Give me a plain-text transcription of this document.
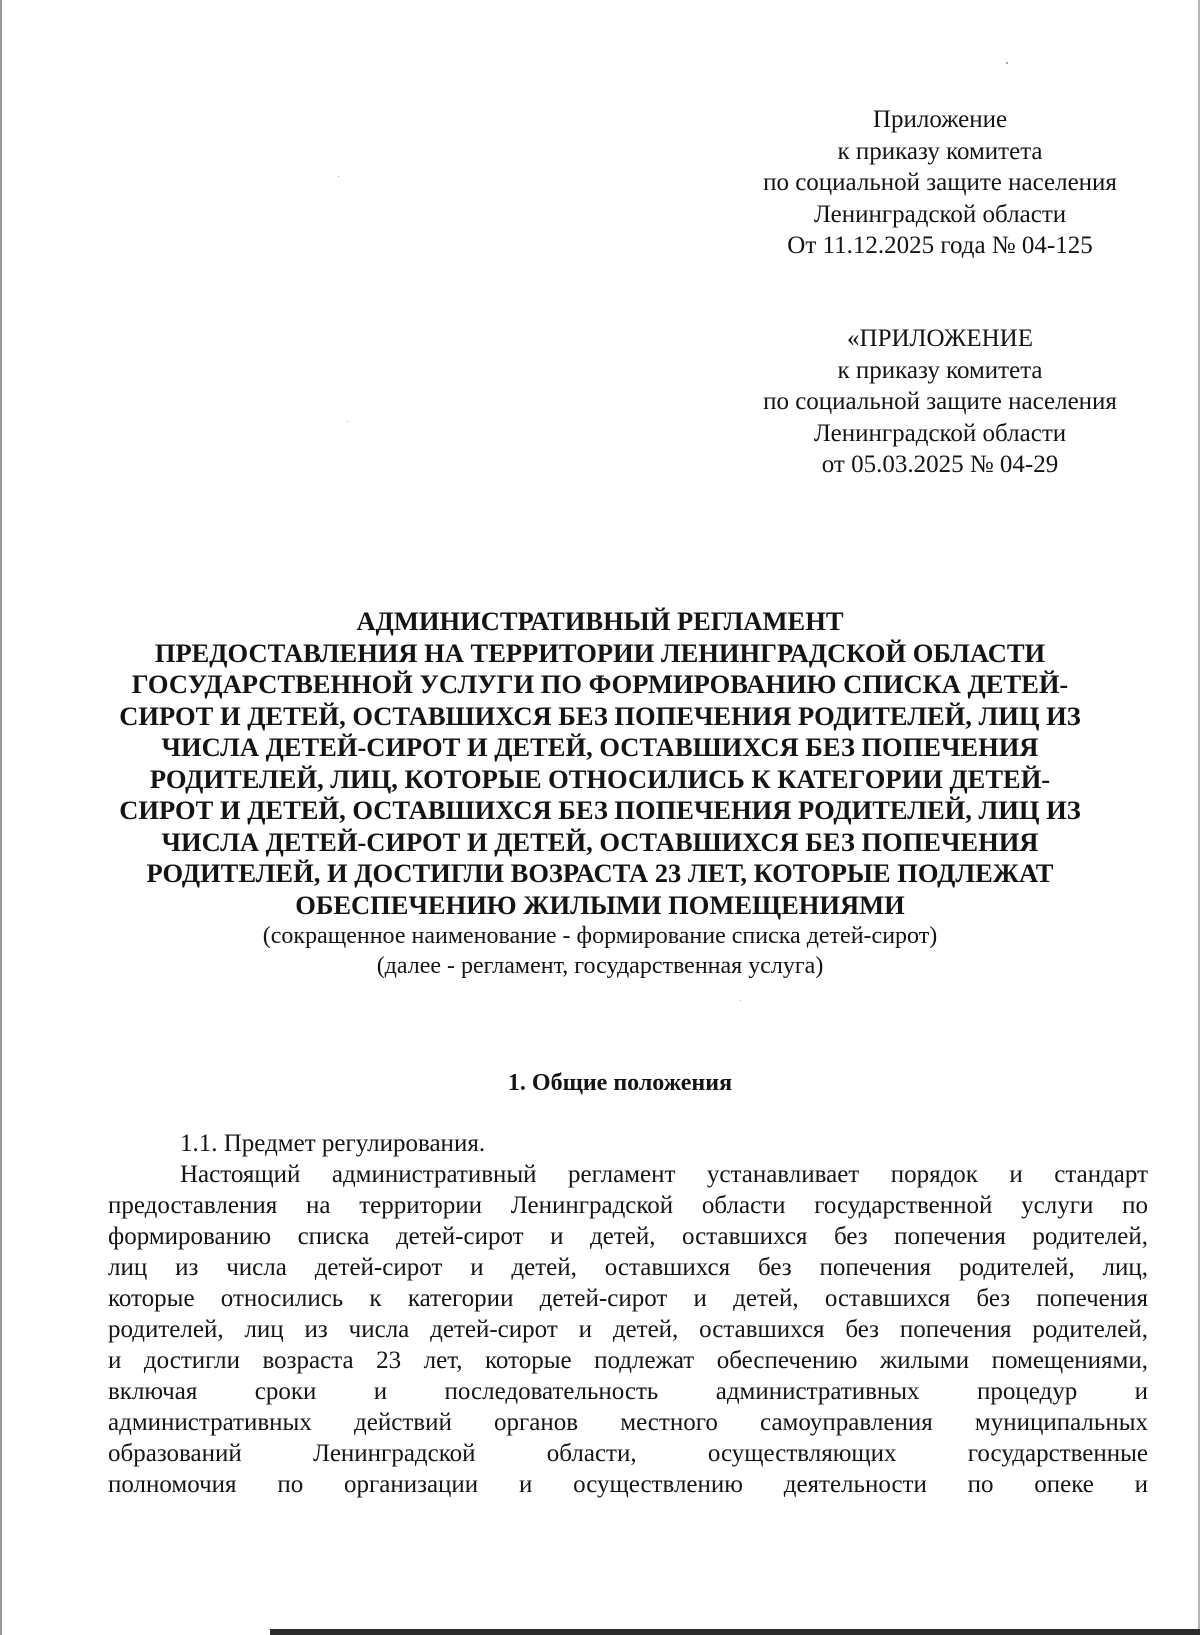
Приложение
к приказу комитета
по социальной защите населения
Ленинградской области
От 11.12.2025 года № 04-125
«ПРИЛОЖЕНИЕ
к приказу комитета
по социальной защите населения
Ленинградской области
от 05.03.2025 № 04-29
АДМИНИСТРАТИВНЫЙ РЕГЛАМЕНТ
ПРЕДОСТАВЛЕНИЯ НА ТЕРРИТОРИИ ЛЕНИНГРАДСКОЙ ОБЛАСТИ
ГОСУДАРСТВЕННОЙ УСЛУГИ ПО ФОРМИРОВАНИЮ СПИСКА ДЕТЕЙ-
СИРОТ И ДЕТЕЙ, ОСТАВШИХСЯ БЕЗ ПОПЕЧЕНИЯ РОДИТЕЛЕЙ, ЛИЦ ИЗ
ЧИСЛА ДЕТЕЙ-СИРОТ И ДЕТЕЙ, ОСТАВШИХСЯ БЕЗ ПОПЕЧЕНИЯ
РОДИТЕЛЕЙ, ЛИЦ, КОТОРЫЕ ОТНОСИЛИСЬ К КАТЕГОРИИ ДЕТЕЙ-
СИРОТ И ДЕТЕЙ, ОСТАВШИХСЯ БЕЗ ПОПЕЧЕНИЯ РОДИТЕЛЕЙ, ЛИЦ ИЗ
ЧИСЛА ДЕТЕЙ-СИРОТ И ДЕТЕЙ, ОСТАВШИХСЯ БЕЗ ПОПЕЧЕНИЯ
РОДИТЕЛЕЙ, И ДОСТИГЛИ ВОЗРАСТА 23 ЛЕТ, КОТОРЫЕ ПОДЛЕЖАТ
ОБЕСПЕЧЕНИЮ ЖИЛЫМИ ПОМЕЩЕНИЯМИ
(сокращенное наименование - формирование списка детей-сирот)
(далее - регламент, государственная услуга)
1. Общие положения
1.1. Предмет регулирования.
Настоящий административный регламент устанавливает порядок и стандарт
предоставления на территории Ленинградской области государственной услуги по
формированию списка детей-сирот и детей, оставшихся без попечения родителей,
лиц из числа детей-сирот и детей, оставшихся без попечения родителей, лиц,
которые относились к категории детей-сирот и детей, оставшихся без попечения
родителей, лиц из числа детей-сирот и детей, оставшихся без попечения родителей,
и достигли возраста 23 лет, которые подлежат обеспечению жилыми помещениями,
включая сроки и последовательность административных процедур и
административных действий органов местного самоуправления муниципальных
образований Ленинградской области, осуществляющих государственные
полномочия по организации и осуществлению деятельности по опеке и
